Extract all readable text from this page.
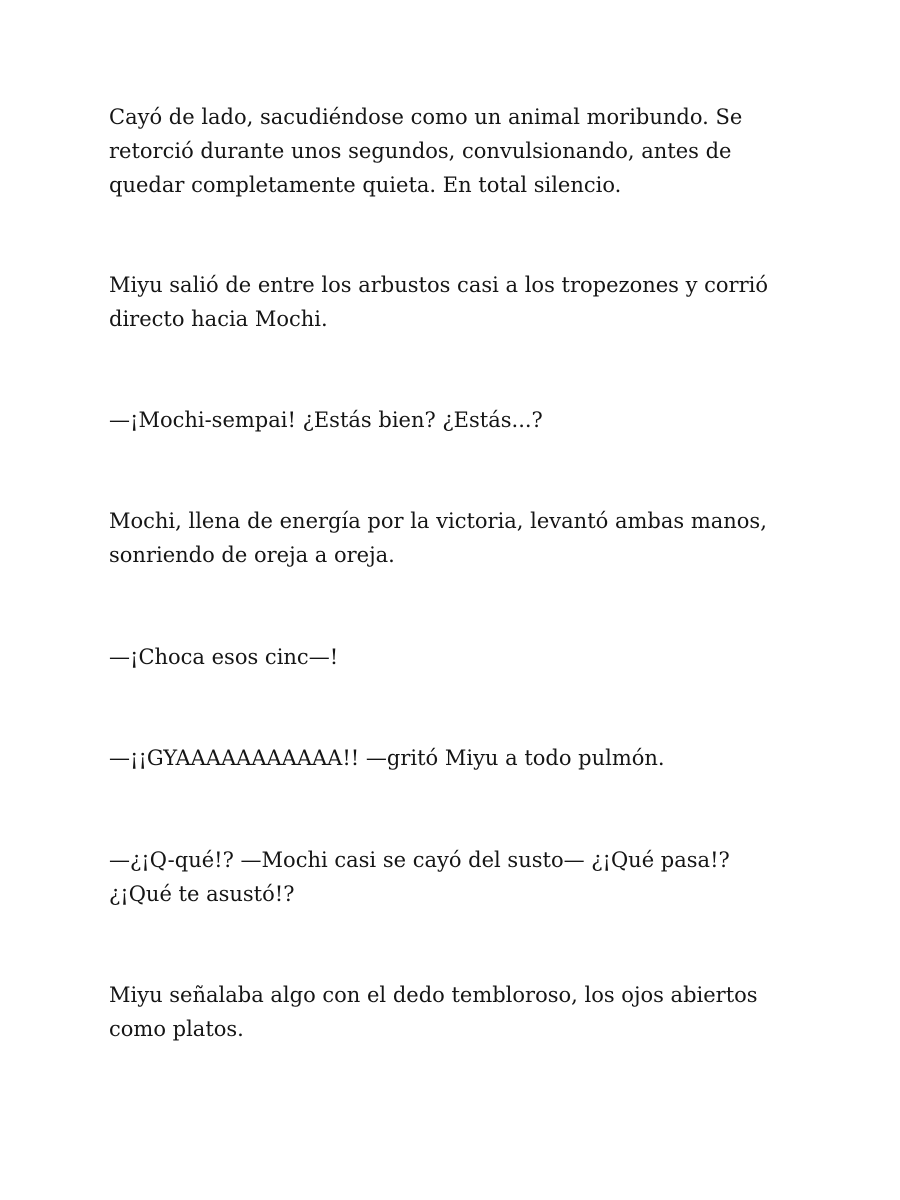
Cayó de lado, sacudiéndose como un animal moribundo. Se retorció durante unos segundos, convulsionando, antes de quedar completamente quieta. En total silencio.

Miyu salió de entre los arbustos casi a los tropezones y corrió directo hacia Mochi.

—¡Mochi-sempai! ¿Estás bien? ¿Estás...?

Mochi, llena de energía por la victoria, levantó ambas manos, sonriendo de oreja a oreja.

—¡Choca esos cinc—!

—¡¡GYAAAAAAAAAAA!! —gritó Miyu a todo pulmón.

—¿¡Q-qué!? —Mochi casi se cayó del susto— ¿¡Qué pasa!? ¿¡Qué te asustó!?

Miyu señalaba algo con el dedo tembloroso, los ojos abiertos como platos.
